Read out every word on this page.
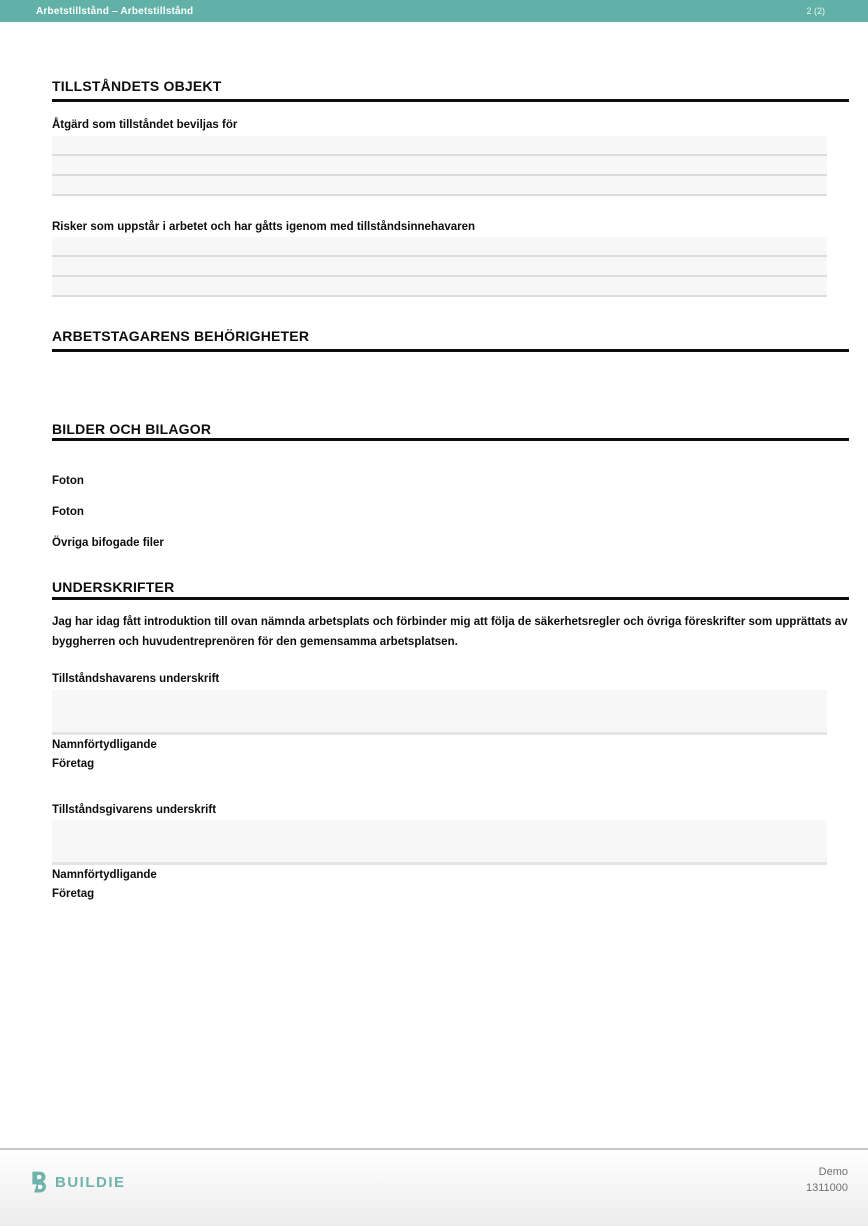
Arbetstillstånd – Arbetstillstånd	2 (2)
TILLSTÅNDETS OBJEKT
Åtgärd som tillståndet beviljas för
Risker som uppstår i arbetet och har gåtts igenom med tillståndsinnehavaren
ARBETSTAGARENS BEHÖRIGHETER
BILDER OCH BILAGOR
Foton
Foton
Övriga bifogade filer
UNDERSKRIFTER

Jag har idag fått introduktion till ovan nämnda arbetsplats och förbinder mig att följa de säkerhetsregler och övriga föreskrifter som upprättats av byggherren och huvudentreprenören för den gemensamma arbetsplatsen.

Tillståndshavarens underskrift
Namnförtydligande
Företag
Tillståndsgivarens underskrift
Namnförtydligande
Företag
BUILDIE
Demo
1311000
